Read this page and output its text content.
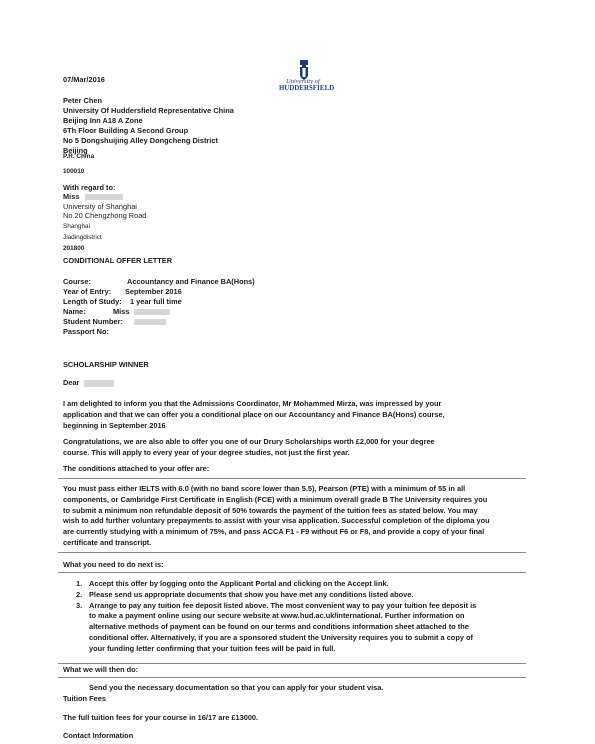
07/Mar/2016	University of
HUDDERSFIELD
Peter Chen
University Of Huddersfield Representative China
Beijing Inn A18 A Zone
6Th Floor Building A Second Group
No 5 Dongshuijing Alley Dongcheng District
Beijing
P.R. China
100010
With regard to:
Miss
University of Shanghai
No.20 Chengzhong Road
Shanghai
Jiadingdistrict
201800
CONDITIONAL OFFER LETTER
Course:	Accountancy and Finance BA(Hons)
Year of Entry: September 2016
Length of Study: 1 year full time
Name:	Miss
Student Number:
Passport No:
SCHOLARSHIP WINNER
Dear
I am delighted to inform you that the Admissions Coordinator, Mr Mohammed Mirza, was impressed by your
application and that we can offer you a conditional place on our Accountancy and Finance BA(Hons) course,
beginning in September 2016
Congratulations, we are also able to offer you one of our Drury Scholarships worth £2,000 for your degree
course. This will apply to every year of your degree studies, not just the first year.
The conditions attached to your offer are:
You must pass either IELTS with 6.0 (with no band score lower than 5.5), Pearson (PTE) with a minimum of 55 in all
components, or Cambridge First Certificate in English (FCE) with a minimum overall grade B The University requires you
to submit a minimum non refundable deposit of 50% towards the payment of the tuition fees as stated below. You may
wish to add further voluntary prepayments to assist with your visa application. Successful completion of the diploma you
are currently studying with a minimum of 75%, and pass ACCA F1 - F9 without F6 or F8, and provide a copy of your final
certificate and transcript.
What you need to do next is:
1. Accept this offer by logging onto the Applicant Portal and clicking on the Accept link.
2. Please send us appropriate documents that show you have met any conditions listed above.
3. Arrange to pay any tuition fee deposit listed above. The most convenient way to pay your tuition fee deposit is
to make a payment online using our secure website at www.hud.ac.uk/international. Further information on
alternative methods of payment can be found on our terms and conditions information sheet attached to the
conditional offer. Alternatively, if you are a sponsored student the University requires you to submit a copy of
your funding letter confirming that your tuition fees will be paid in full.
What we will then do:
Send you the necessary documentation so that you can apply for your student visa.
Tuition Fees
The full tuition fees for your course in 16/17 are £13000.
Contact Information
